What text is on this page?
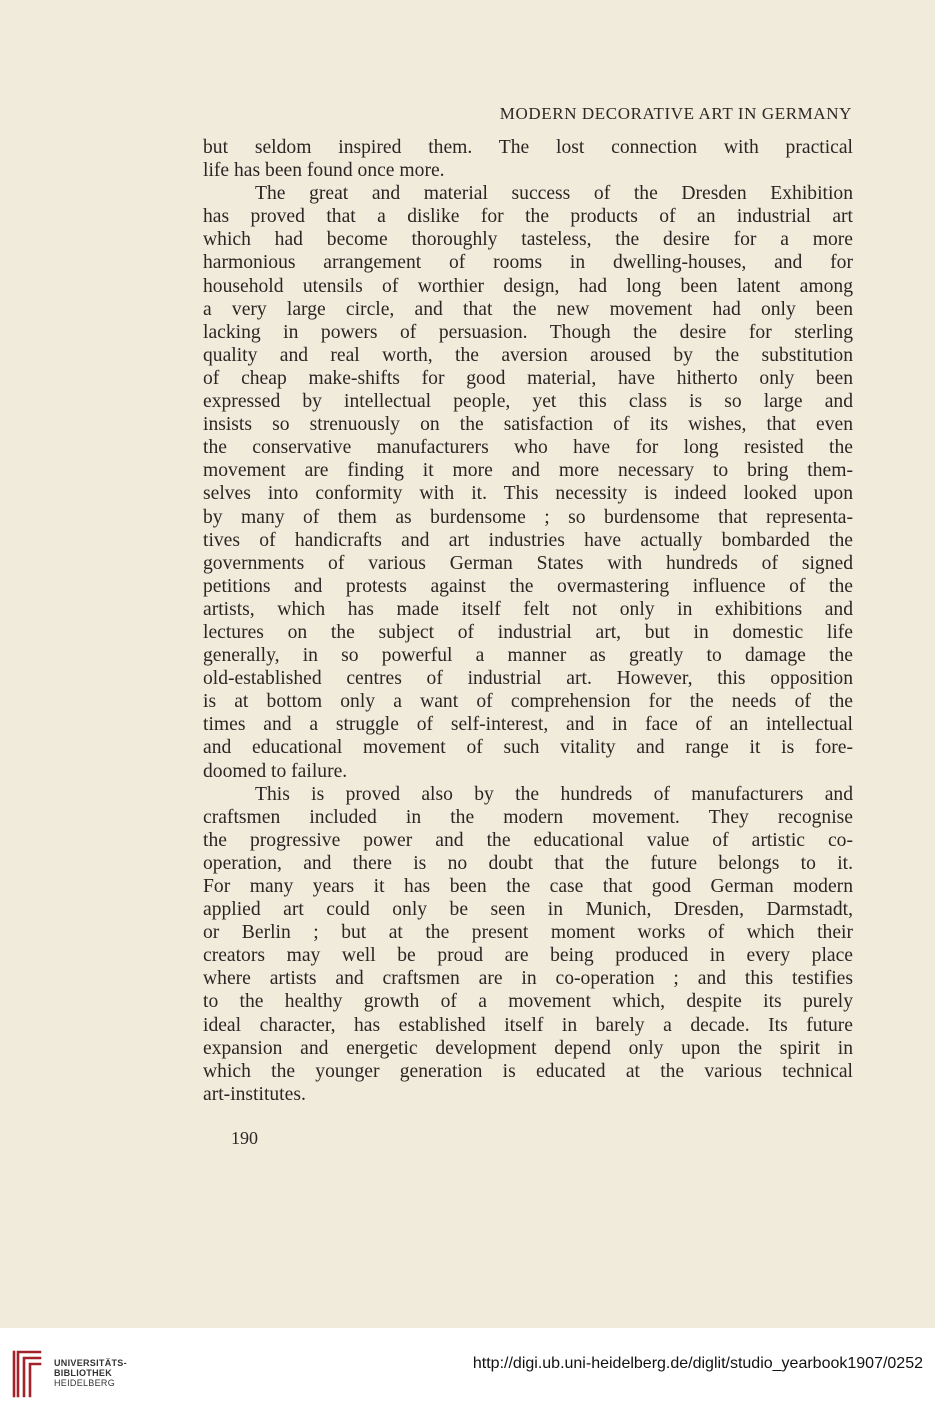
MODERN DECORATIVE ART IN GERMANY
but seldom inspired them. The lost connection with practical
life has been found once more.
The great and material success of the Dresden Exhibition
has proved that a dislike for the products of an industrial art
which had become thoroughly tasteless, the desire for a more
harmonious arrangement of rooms in dwelling-houses, and for
household utensils of worthier design, had long been latent among
a very large circle, and that the new movement had only been
lacking in powers of persuasion. Though the desire for sterling
quality and real worth, the aversion aroused by the substitution
of cheap make-shifts for good material, have hitherto only been
expressed by intellectual people, yet this class is so large and
insists so strenuously on the satisfaction of its wishes, that even
the conservative manufacturers who have for long resisted the
movement are finding it more and more necessary to bring them-
selves into conformity with it. This necessity is indeed looked upon
by many of them as burdensome ; so burdensome that representa-
tives of handicrafts and art industries have actually bombarded the
governments of various German States with hundreds of signed
petitions and protests against the overmastering influence of the
artists, which has made itself felt not only in exhibitions and
lectures on the subject of industrial art, but in domestic life
generally, in so powerful a manner as greatly to damage the
old-established centres of industrial art. However, this opposition
is at bottom only a want of comprehension for the needs of the
times and a struggle of self-interest, and in face of an intellectual
and educational movement of such vitality and range it is fore-
doomed to failure.
This is proved also by the hundreds of manufacturers and
craftsmen included in the modern movement. They recognise
the progressive power and the educational value of artistic co-
operation, and there is no doubt that the future belongs to it.
For many years it has been the case that good German modern
applied art could only be seen in Munich, Dresden, Darmstadt,
or Berlin ; but at the present moment works of which their
creators may well be proud are being produced in every place
where artists and craftsmen are in co-operation ; and this testifies
to the healthy growth of a movement which, despite its purely
ideal character, has established itself in barely a decade. Its future
expansion and energetic development depend only upon the spirit in
which the younger generation is educated at the various technical
art-institutes.
190
UNIVERSITÄTS-
BIBLIOTHEK
HEIDELBERG
http://digi.ub.uni-heidelberg.de/diglit/studio_yearbook1907/0252
